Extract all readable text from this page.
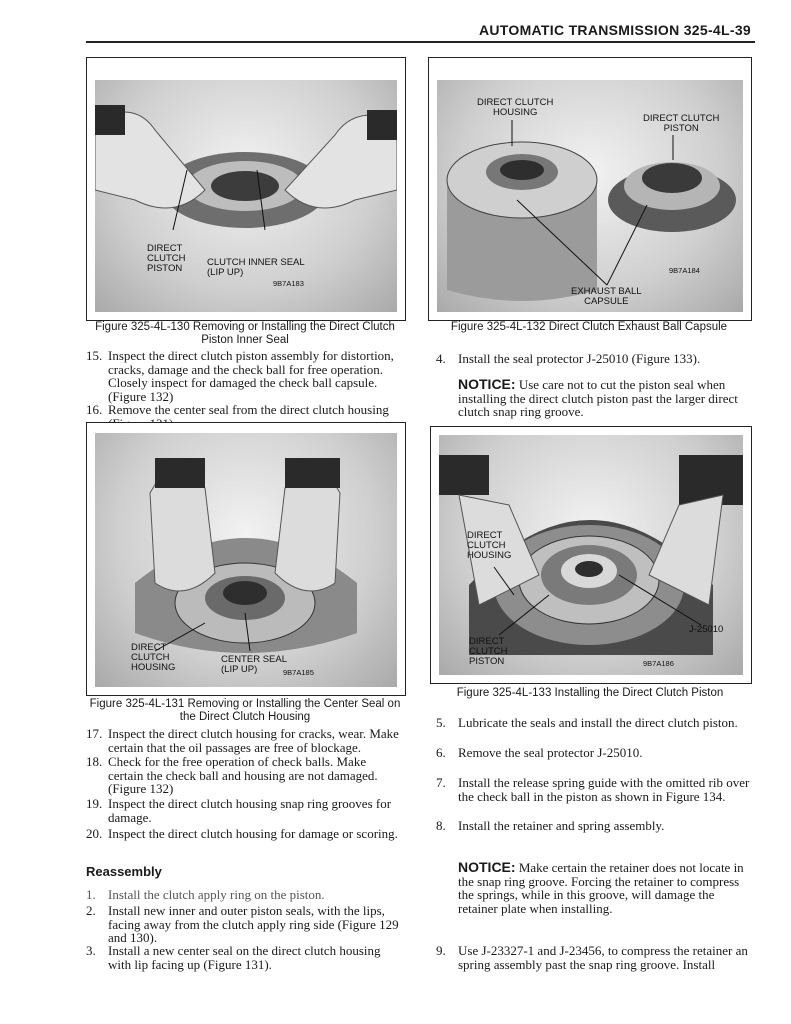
AUTOMATIC TRANSMISSION 325-4L-39
DIRECT
CLUTCH
PISTON
CLUTCH INNER SEAL
(LIP UP)
9B7A183
Figure 325-4L-130 Removing or Installing the Direct Clutch Piston Inner Seal
DIRECT CLUTCH
HOUSING
DIRECT CLUTCH
PISTON
EXHAUST BALL
CAPSULE
9B7A184
Figure 325-4L-132 Direct Clutch Exhaust Ball Capsule
15. Inspect the direct clutch piston assembly for distortion, cracks, damage and the check ball for free operation. Closely inspect for damaged the check ball capsule. (Figure 132)
16. Remove the center seal from the direct clutch housing
DIRECT
CLUTCH
HOUSING
CENTER SEAL
(LIP UP)	9B7A185
Figure 325-4L-131 Removing or Installing the Center Seal on the Direct Clutch Housing
17. Inspect the direct clutch housing for cracks, wear. Make certain that the oil passages are free of blockage.
18. Check for the free operation of check balls. Make certain the check ball and housing are not damaged. (Figure 132)
19. Inspect the direct clutch housing snap ring grooves for damage.
20. Inspect the direct clutch housing for damage or scoring.
Reassembly
1. Install the clutch apply ring on the piston.
2. Install new inner and outer piston seals, with the lips, facing away from the clutch apply ring side (Figure 129 and 130).
3. Install a new center seal on the direct clutch housing with lip facing up (Figure 131).
4. Install the seal protector J-25010 (Figure 133).
NOTICE: Use care not to cut the piston seal when installing the direct clutch piston past the larger direct clutch snap ring groove.
DIRECT
CLUTCH
HOUSING
DIRECT
CLUTCH
PISTON
J-25010
9B7A186
Figure 325-4L-133 Installing the Direct Clutch Piston
5. Lubricate the seals and install the direct clutch piston.
6. Remove the seal protector J-25010.
7. Install the release spring guide with the omitted rib over the check ball in the piston as shown in Figure 134.
8. Install the retainer and spring assembly.
NOTICE: Make certain the retainer does not locate in the snap ring groove. Forcing the retainer to compress the springs, while in this groove, will damage the retainer plate when installing.
9. Use J-23327-1 and J-23456, to compress the retainer an spring assembly past the snap ring groove. Install
